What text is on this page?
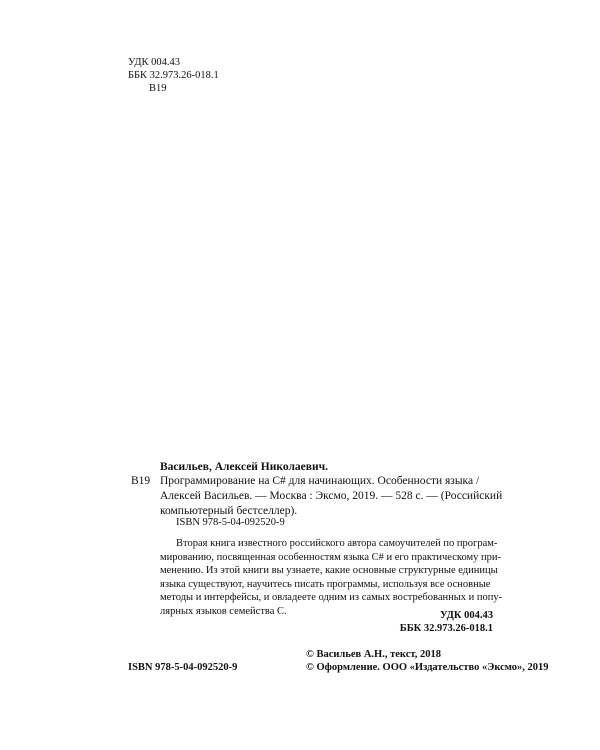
УДК 004.43
ББК 32.973.26-018.1
В19
Васильев, Алексей Николаевич.
В19 Программирование на С# для начинающих. Особенности языка /

Алексей Васильев. — Москва : Эксмо, 2019. — 528 с. — (Российский

компьютерный бестселлер).

ISBN 978-5-04-092520-9

Вторая книга известного российского автора самоучителей по програм-

мированию, посвященная особенностям языка C# и его практическому при-

менению. Из этой книги вы узнаете, какие основные структурные единицы

языка существуют, научитесь писать программы, используя все основные

методы и интерфейсы, и овладеете одним из самых востребованных и попу-

лярных языков семейства С.	УДК 004.43
ББК 32.973.26-018.1
ISBN 978-5-04-092520-9
© Васильев А.Н., текст, 2018
© Оформление. ООО «Издательство «Эксмо», 2019
